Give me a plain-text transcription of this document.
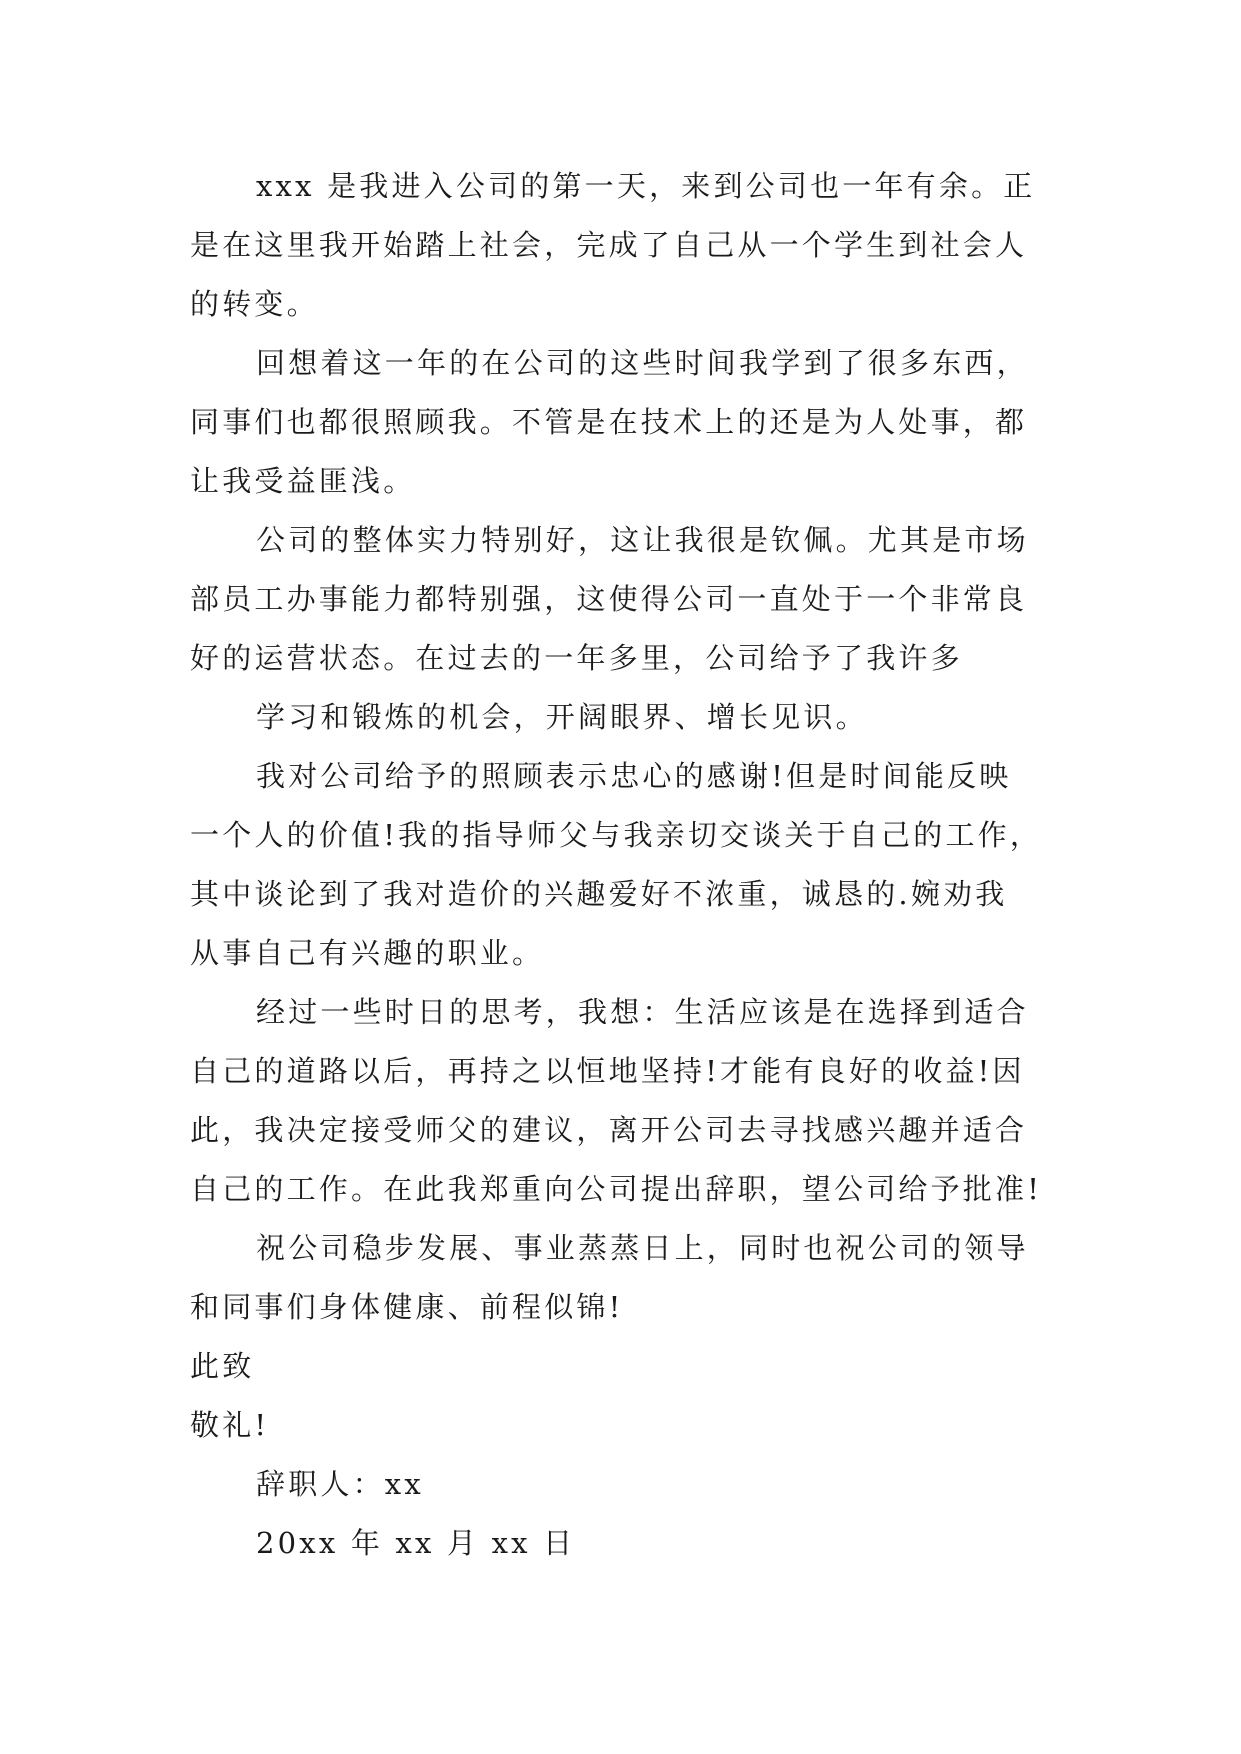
xxx 是我进入公司的第一天，来到公司也一年有余。正
是在这里我开始踏上社会，完成了自己从一个学生到社会人
的转变。
回想着这一年的在公司的这些时间我学到了很多东西，
同事们也都很照顾我。不管是在技术上的还是为人处事，都
让我受益匪浅。
公司的整体实力特别好，这让我很是钦佩。尤其是市场
部员工办事能力都特别强，这使得公司一直处于一个非常良
好的运营状态。在过去的一年多里，公司给予了我许多
学习和锻炼的机会，开阔眼界、增长见识。
我对公司给予的照顾表示忠心的感谢!但是时间能反映
一个人的价值!我的指导师父与我亲切交谈关于自己的工作，
其中谈论到了我对造价的兴趣爱好不浓重，诚恳的.婉劝我
从事自己有兴趣的职业。
经过一些时日的思考，我想：生活应该是在选择到适合
自己的道路以后，再持之以恒地坚持!才能有良好的收益!因
此，我决定接受师父的建议，离开公司去寻找感兴趣并适合
自己的工作。在此我郑重向公司提出辞职，望公司给予批准!
祝公司稳步发展、事业蒸蒸日上，同时也祝公司的领导
和同事们身体健康、前程似锦!
此致
敬礼!
辞职人：xx
20xx 年 xx 月 xx 日
